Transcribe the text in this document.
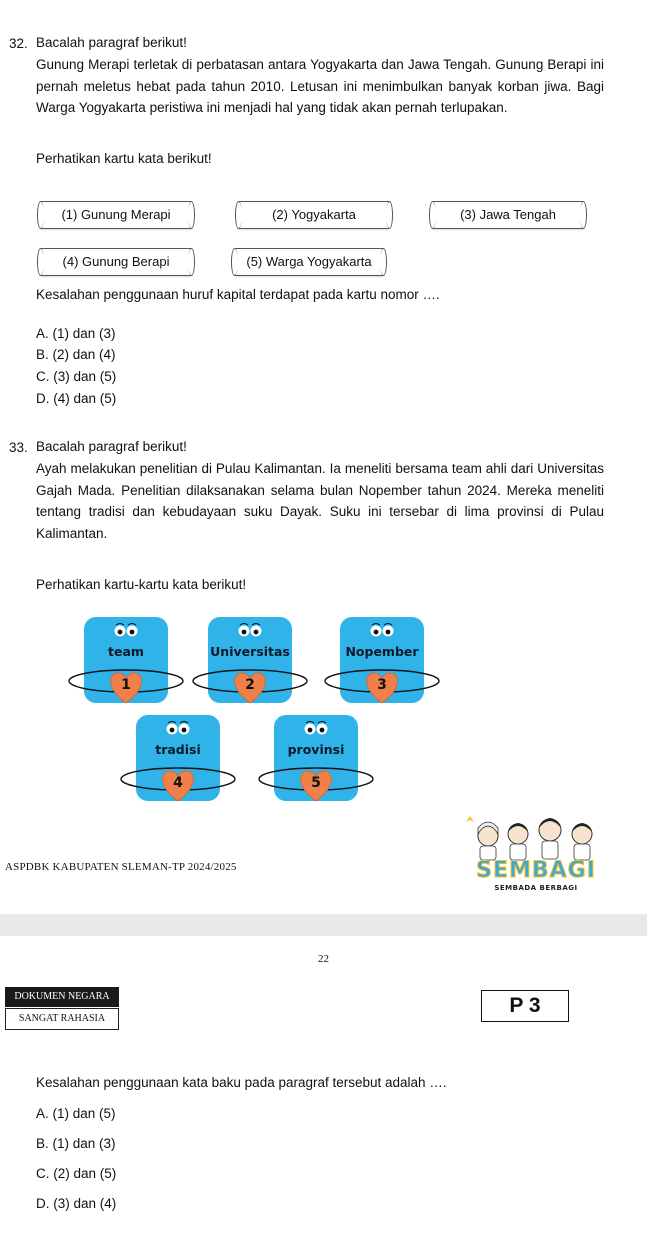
32. Bacalah paragraf berikut!
Gunung Merapi terletak di perbatasan antara Yogyakarta dan Jawa Tengah. Gunung Berapi ini pernah meletus hebat pada tahun 2010. Letusan ini menimbulkan banyak korban jiwa. Bagi Warga Yogyakarta peristiwa ini menjadi hal yang tidak akan pernah terlupakan.
Perhatikan kartu kata berikut!
(1) Gunung Merapi	(2) Yogyakarta	(3) Jawa Tengah
(4) Gunung Berapi	(5) Warga Yogyakarta
Kesalahan penggunaan huruf kapital terdapat pada kartu nomor ….
A. (1) dan (3)
B. (2) dan (4)
C. (3) dan (5)
D. (4) dan (5)
33. Bacalah paragraf berikut!
Ayah melakukan penelitian di Pulau Kalimantan. Ia meneliti bersama team ahli dari Universitas Gajah Mada. Penelitian dilaksanakan selama bulan Nopember tahun 2024. Mereka meneliti tentang tradisi dan kebudayaan suku Dayak. Suku ini tersebar di lima provinsi di Pulau Kalimantan.
Perhatikan kartu-kartu kata berikut!
team
1
Universitas
2
Nopember
3
tradisi
4
provinsi
5
ASPDBK KABUPATEN SLEMAN-TP 2024/2025	SEMBAGI
SEMBADA BERBAGI
22
DOKUMEN NEGARA
SANGAT RAHASIA
P 3
Kesalahan penggunaan kata baku pada paragraf tersebut adalah ….
A. (1) dan (5)
B. (1) dan (3)
C. (2) dan (5)
D. (3) dan (4)
